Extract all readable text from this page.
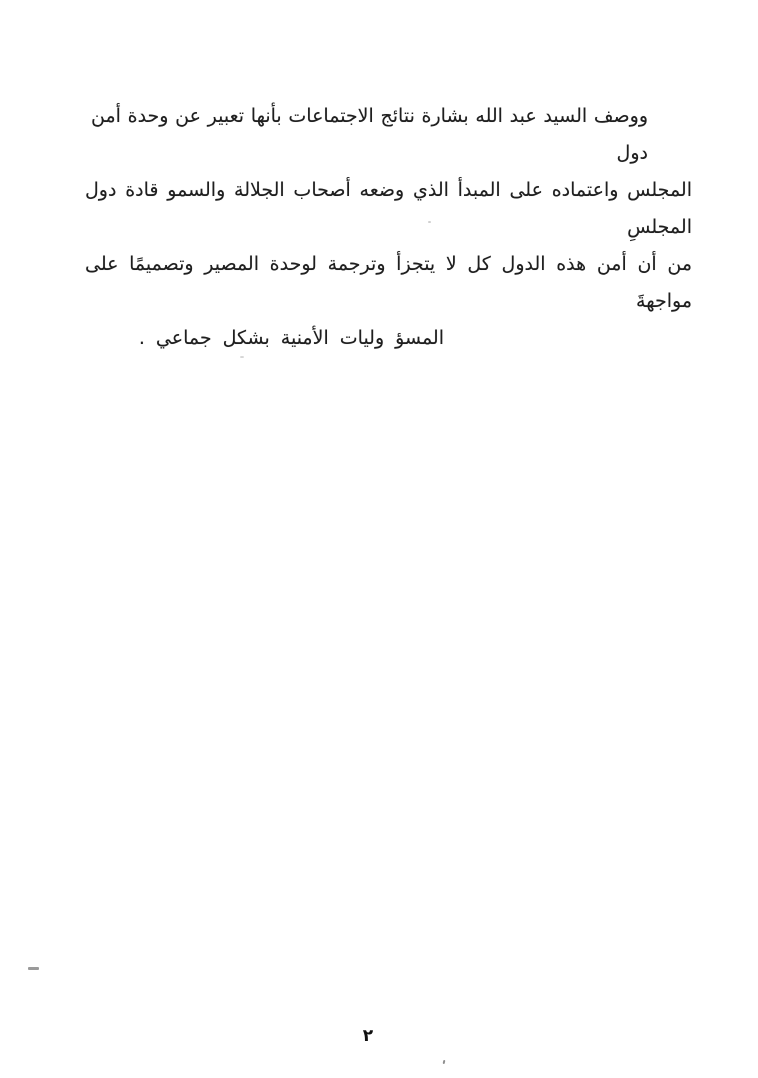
ووصف السيد عبد الله بشارة نتائج الاجتماعات بأنها تعبير عن وحدة أمن دول
المجلس واعتماده على المبدأ الذي وضعه أصحاب الجلالة والسمو قادة دول المجلسِ
من أن أمن هذه الدول كل لا يتجزأ وترجمة لوحدة المصير وتصميمًا على مواجهةَ
المسؤ وليات الأمنية بشكل جماعي .
٢
